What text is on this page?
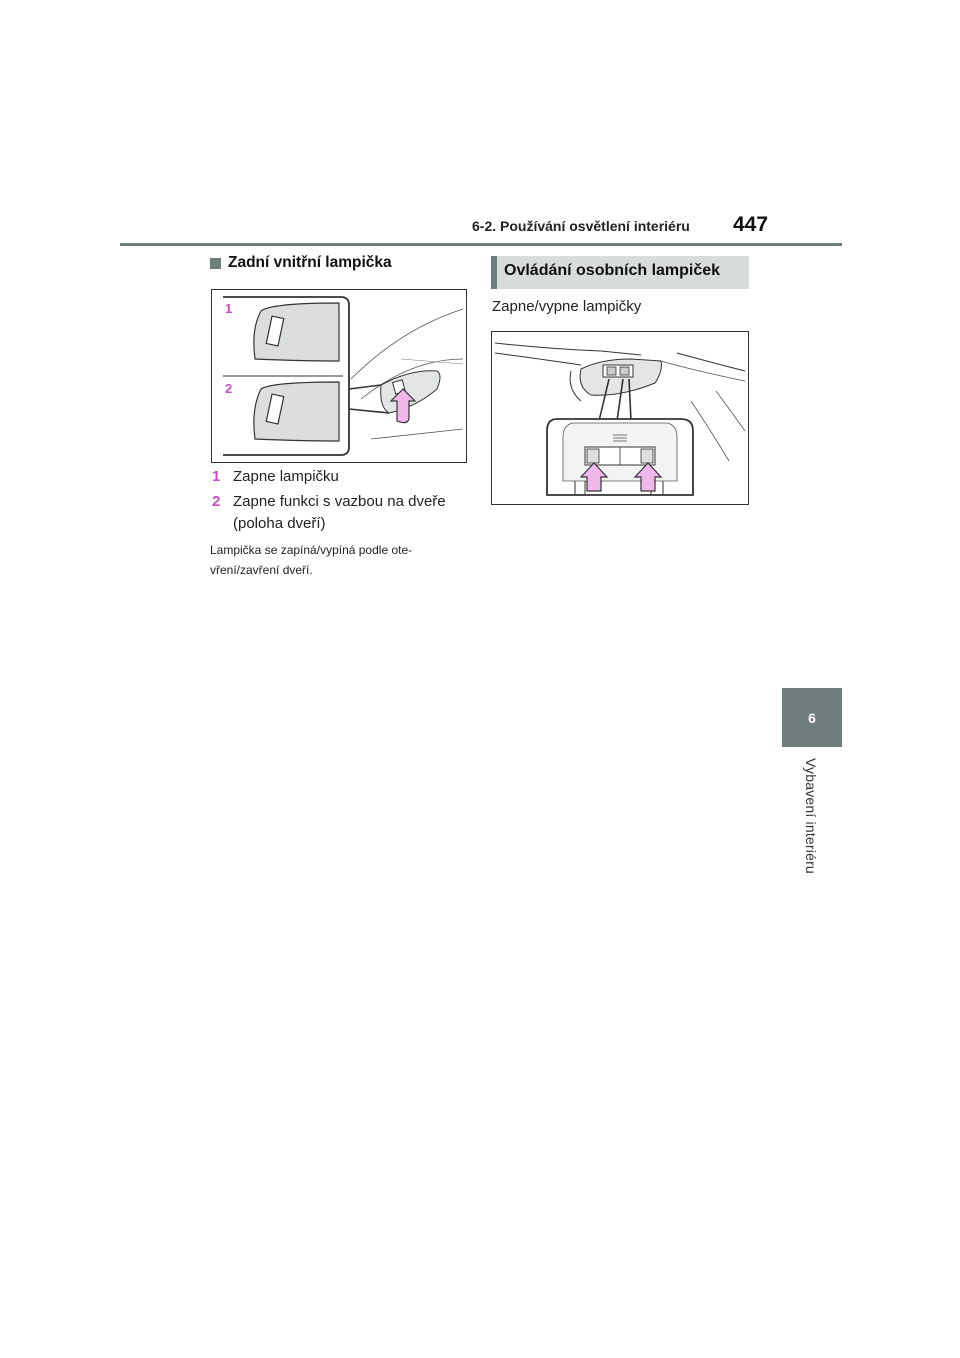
6-2. Používání osvětlení interiéru 447
6
Vybavení interiéru
Zadní vnitřní lampička
1
2
1 Zapne lampičku
2 Zapne funkci s vazbou na dveře
(poloha dveří)
Lampička se zapíná/vypíná podle ote-
vření/zavření dveří.
Ovládání osobních lampiček
Zapne/vypne lampičky
